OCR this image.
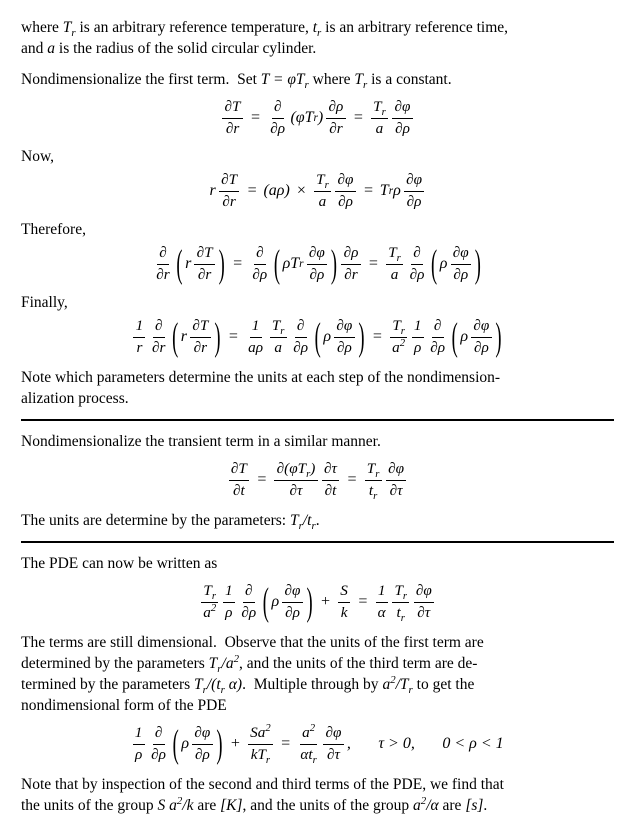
where $T_r$ is an arbitrary reference temperature, $t_r$ is an arbitrary reference time,
and a is the radius of the solid circular cylinder.

Nondimensionalize the first term.  Set $T = \varphi T_r$ where $T_r$ is a constant.

$\frac{\partial T}{\partial r} = \frac{\partial}{\partial\rho} (\varphi T$ r ) $\frac{\partial\rho}{\partial r} = \frac{T_r}{a} \frac{\partial\varphi}{\partial\rho}$

Now,

r $\frac{\partial T}{\partial r} = (a\rho) \times \frac{T_r}{a} \frac{\partial\varphi}{\partial\rho} = T$ r ρ $\frac{\partial\varphi}{\partial\rho}$

Therefore,

$\frac{\partial}{\partial r}$ ( r $\frac{\partial T}{\partial r}$ ) = $\frac{\partial}{\partial\rho}$ ( ρT r $\frac{\partial\varphi}{\partial\rho}$ ) $\frac{\partial\rho}{\partial r} = \frac{T_r}{a} \frac{\partial}{\partial\rho}$ ( ρ $\frac{\partial\varphi}{\partial\rho}$ )

Finally,

$\frac{1}{r} \frac{\partial}{\partial r}$ ( r $\frac{\partial T}{\partial r}$ ) = $\frac{1}{a\rho} \frac{T_r}{a} \frac{\partial}{\partial\rho}$ ( ρ $\frac{\partial\varphi}{\partial\rho}$ ) = $\frac{T_r}{a^2} \frac{1}{\rho} \frac{\partial}{\partial\rho}$ ( ρ $\frac{\partial\varphi}{\partial\rho}$ )

Note which parameters determine the units at each step of the nondimension-
alization process.

Nondimensionalize the transient term in a similar manner.

$\frac{\partial T}{\partial t} = \frac{\partial(\varphi T_r)}{\partial\tau} \frac{\partial\tau}{\partial t} = \frac{T_r}{t_r} \frac{\partial\varphi}{\partial\tau}$

The units are determine by the parameters: $T_r/t_r$.

The PDE can now be written as

$\frac{T_r}{a^2} \frac{1}{\rho} \frac{\partial}{\partial\rho}$ ( ρ $\frac{\partial\varphi}{\partial\rho}$ ) + $\frac{S}{k} = \frac{1}{\alpha} \frac{T_r}{t_r} \frac{\partial\varphi}{\partial\tau}$

The terms are still dimensional.  Observe that the units of the first term are
determined by the parameters $T_r/a^2$, and the units of the third term are de-
termined by the parameters $T_r/(t_r$ α).  Multiple through by $a^2/T_r$ to get the
nondimensional form of the PDE

$\frac{1}{\rho} \frac{\partial}{\partial\rho}$ ( ρ $\frac{\partial\varphi}{\partial\rho}$ ) + $\frac{Sa^2}{kT_r} = \frac{a^2}{\alpha t_r} \frac{\partial\varphi}{\partial\tau}$ , τ > 0, 0 < ρ < 1

Note that by inspection of the second and third terms of the PDE, we find that
the units of the group S $a^2/k$ are [K], and the units of the group $a^2/\alpha$ are [s].
